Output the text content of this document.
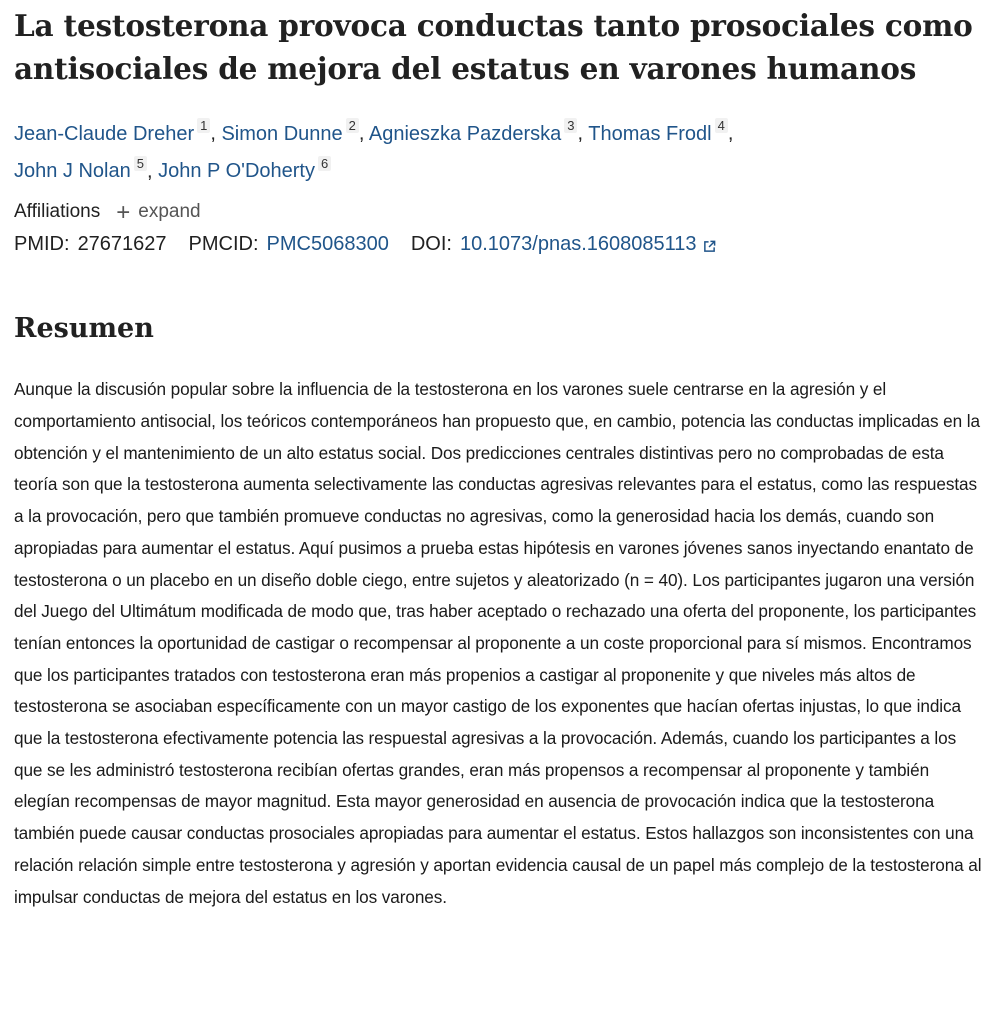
La testosterona provoca conductas tanto prosociales como antisociales de mejora del estatus en varones humanos
Jean-Claude Dreher $^1$ , Simon Dunne $^2$ , Agnieszka Pazderska $^3$ , Thomas Frodl $^4$ ,
John J Nolan $^5$ , John P O'Doherty $^6$
Affiliations + expand
PMID: 27671627 PMCID: PMC5068300 DOI: 10.1073/pnas.1608085113
Resumen
Aunque la discusión popular sobre la influencia de la testosterona en los varones suele centrarse en la agresión y el comportamiento antisocial, los teóricos contemporáneos han propuesto que, en cambio, potencia las conductas implicadas en la obtención y el mantenimiento de un alto estatus social. Dos predicciones centrales distintivas pero no comprobadas de esta teoría son que la testosterona aumenta selectivamente las conductas agresivas relevantes para el estatus, como las respuestas a la provocación, pero que también promueve conductas no agresivas, como la generosidad hacia los demás, cuando son apropiadas para aumentar el estatus. Aquí pusimos a prueba estas hipótesis en varones jóvenes sanos inyectando enantato de testosterona o un placebo en un diseño doble ciego, entre sujetos y aleatorizado (n = 40). Los participantes jugaron una versión del Juego del Ultimátum modificada de modo que, tras haber aceptado o rechazado una oferta del proponente, los participantes tenían entonces la oportunidad de castigar o recompensar al proponente a un coste proporcional para sí mismos. Encontramos que los participantes tratados con testosterona eran más propenios a castigar al proponenite y que niveles más altos de testosterona se asociaban específicamente con un mayor castigo de los exponentes que hacían ofertas injustas, lo que indica que la testosterona efectivamente potencia las respuestal agresivas a la provocación. Además, cuando los participantes a los que se les administró testosterona recibían ofertas grandes, eran más propensos a recompensar al proponente y también elegían recompensas de mayor magnitud. Esta mayor generosidad en ausencia de provocación indica que la testosterona también puede causar conductas prosociales apropiadas para aumentar el estatus. Estos hallazgos son inconsistentes con una relación relación simple entre testosterona y agresión y aportan evidencia causal de un papel más complejo de la testosterona al impulsar conductas de mejora del estatus en los varones.
